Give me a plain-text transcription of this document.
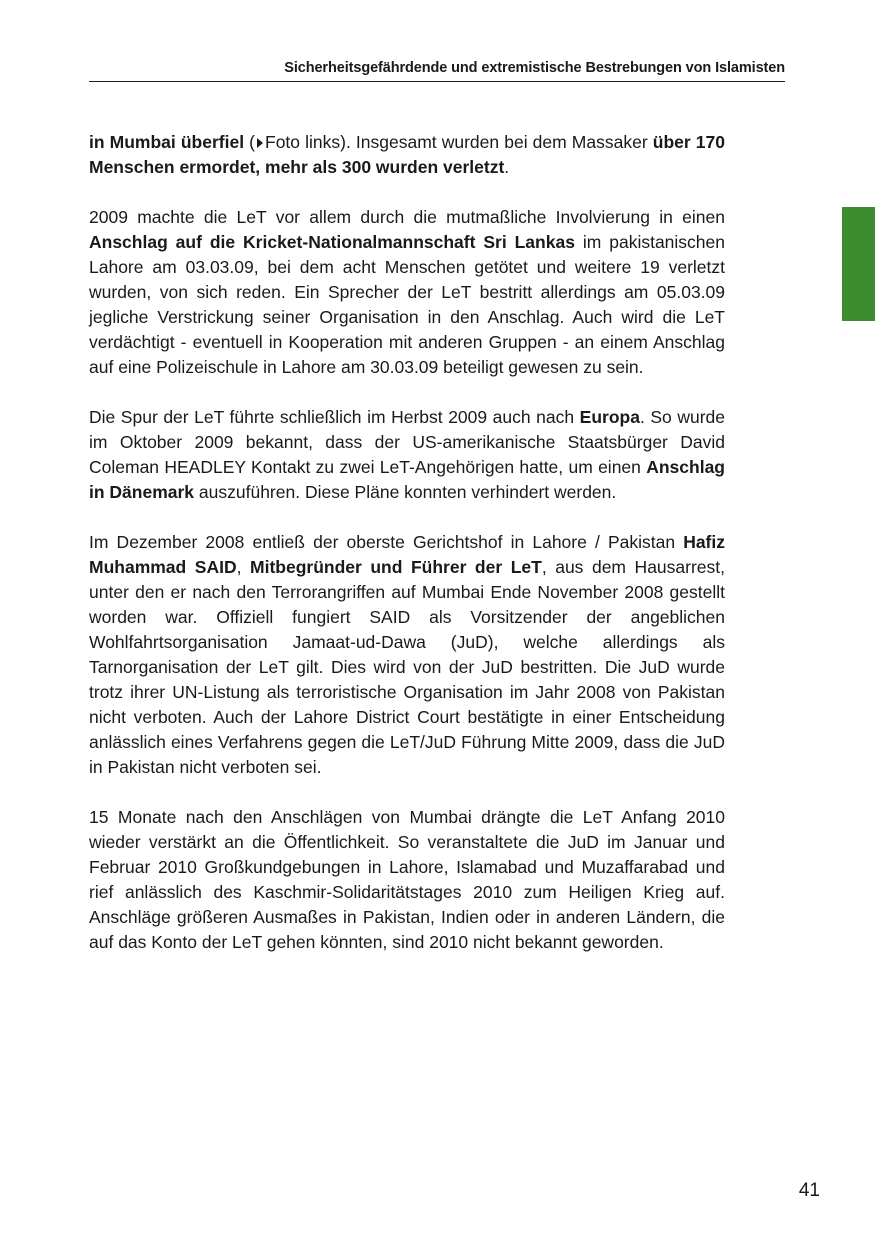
Sicherheitsgefährdende und extremistische Bestrebungen von Islamisten

in Mumbai überfiel ( Foto links). Insgesamt wurden bei dem Massaker über 170 Menschen ermordet, mehr als 300 wurden verletzt.

2009 machte die LeT vor allem durch die mutmaßliche Involvierung in einen Anschlag auf die Kricket-Nationalmannschaft Sri Lankas im pakistanischen Lahore am 03.03.09, bei dem acht Menschen getötet und weitere 19 verletzt wurden, von sich reden. Ein Sprecher der LeT bestritt allerdings am 05.03.09 jegliche Verstrickung seiner Organisation in den Anschlag. Auch wird die LeT verdächtigt - eventuell in Kooperation mit anderen Gruppen - an einem Anschlag auf eine Polizeischule in Lahore am 30.03.09 beteiligt gewesen zu sein.

Die Spur der LeT führte schließlich im Herbst 2009 auch nach Europa. So wurde im Oktober 2009 bekannt, dass der US-amerikanische Staatsbürger David Coleman HEADLEY Kontakt zu zwei LeT-Angehörigen hatte, um einen Anschlag in Dänemark auszuführen. Diese Pläne konnten verhindert werden.

Im Dezember 2008 entließ der oberste Gerichtshof in Lahore / Pakistan Hafiz Muhammad SAID, Mitbegründer und Führer der LeT, aus dem Hausarrest, unter den er nach den Terrorangriffen auf Mumbai Ende November 2008 gestellt worden war. Offiziell fungiert SAID als Vorsitzender der angeblichen Wohlfahrtsorganisation Jamaat-ud-Dawa (JuD), welche allerdings als Tarnorganisation der LeT gilt. Dies wird von der JuD bestritten. Die JuD wurde trotz ihrer UN-Listung als terroristische Organisation im Jahr 2008 von Pakistan nicht verboten. Auch der Lahore District Court bestätigte in einer Entscheidung anlässlich eines Verfahrens gegen die LeT/JuD Führung Mitte 2009, dass die JuD in Pakistan nicht verboten sei.

15 Monate nach den Anschlägen von Mumbai drängte die LeT Anfang 2010 wieder verstärkt an die Öffentlichkeit. So veranstaltete die JuD im Januar und Februar 2010 Großkundgebungen in Lahore, Islamabad und Muzaffarabad und rief anlässlich des Kaschmir-Solidaritätstages 2010 zum Heiligen Krieg auf. Anschläge größeren Ausmaßes in Pakistan, Indien oder in anderen Ländern, die auf das Konto der LeT gehen könnten, sind 2010 nicht bekannt geworden.

41
